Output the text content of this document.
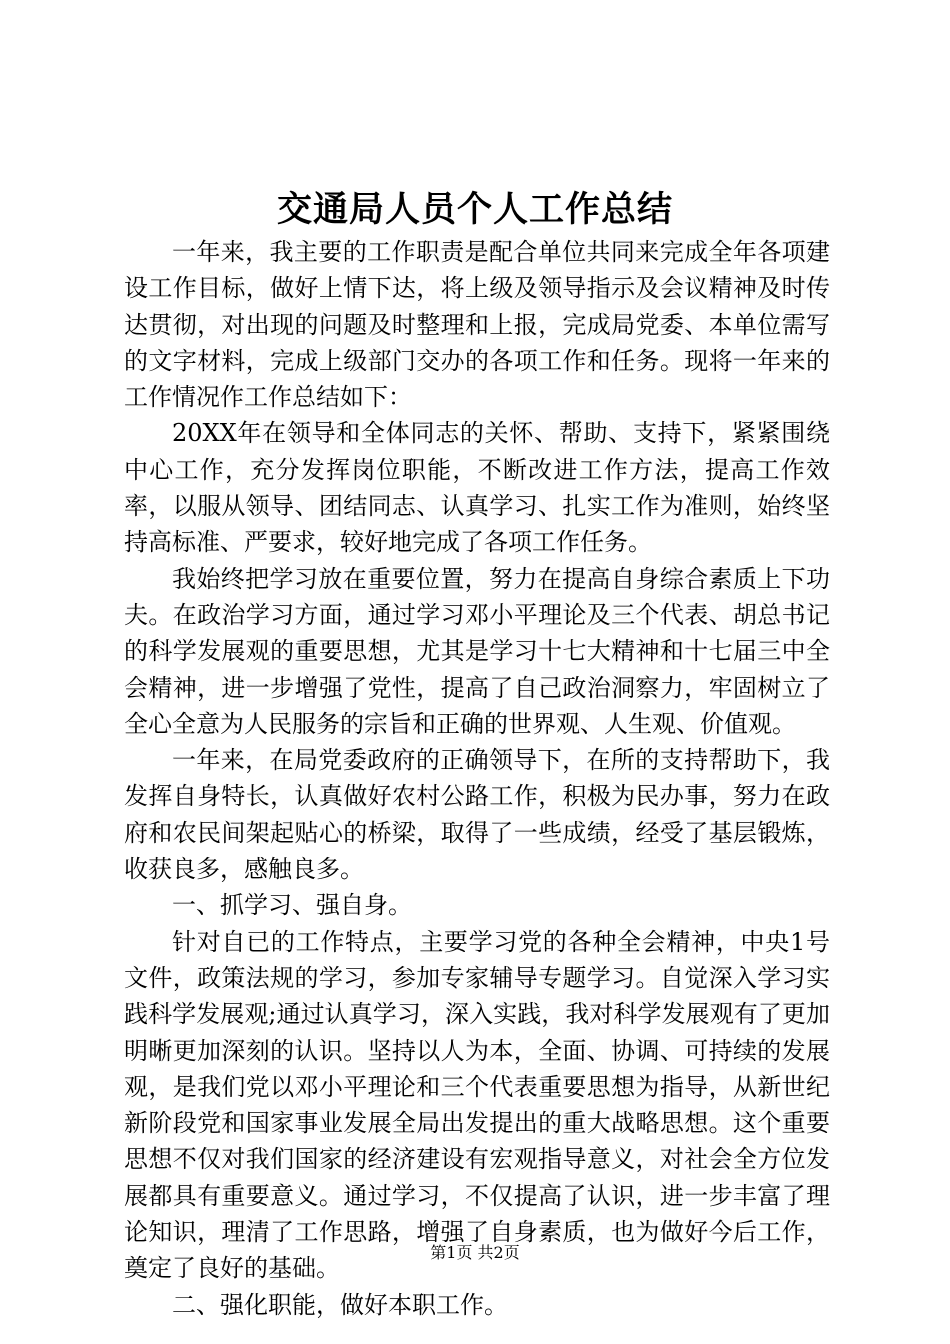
交通局人员个人工作总结

一年来，我主要的工作职责是配合单位共同来完成全年各项建设工作目标，做好上情下达，将上级及领导指示及会议精神及时传达贯彻，对出现的问题及时整理和上报，完成局党委、本单位需写的文字材料，完成上级部门交办的各项工作和任务。现将一年来的工作情况作工作总结如下：

20XX年在领导和全体同志的关怀、帮助、支持下，紧紧围绕中心工作，充分发挥岗位职能，不断改进工作方法，提高工作效率，以服从领导、团结同志、认真学习、扎实工作为准则，始终坚持高标准、严要求，较好地完成了各项工作任务。

我始终把学习放在重要位置，努力在提高自身综合素质上下功夫。在政治学习方面，通过学习邓小平理论及三个代表、胡总书记的科学发展观的重要思想，尤其是学习十七大精神和十七届三中全会精神，进一步增强了党性，提高了自己政治洞察力，牢固树立了全心全意为人民服务的宗旨和正确的世界观、人生观、价值观。

一年来，在局党委政府的正确领导下，在所的支持帮助下，我发挥自身特长，认真做好农村公路工作，积极为民办事，努力在政府和农民间架起贴心的桥梁，取得了一些成绩，经受了基层锻炼，收获良多，感触良多。

一、抓学习、强自身。

针对自已的工作特点，主要学习党的各种全会精神，中央1号文件，政策法规的学习，参加专家辅导专题学习。自觉深入学习实践科学发展观;通过认真学习，深入实践，我对科学发展观有了更加明晰更加深刻的认识。坚持以人为本，全面、协调、可持续的发展观，是我们党以邓小平理论和三个代表重要思想为指导，从新世纪新阶段党和国家事业发展全局出发提出的重大战略思想。这个重要思想不仅对我们国家的经济建设有宏观指导意义，对社会全方位发展都具有重要意义。通过学习，不仅提高了认识，进一步丰富了理论知识，理清了工作思路，增强了自身素质，也为做好今后工作，奠定了良好的基础。

二、强化职能，做好本职工作。

第1页 共2页
